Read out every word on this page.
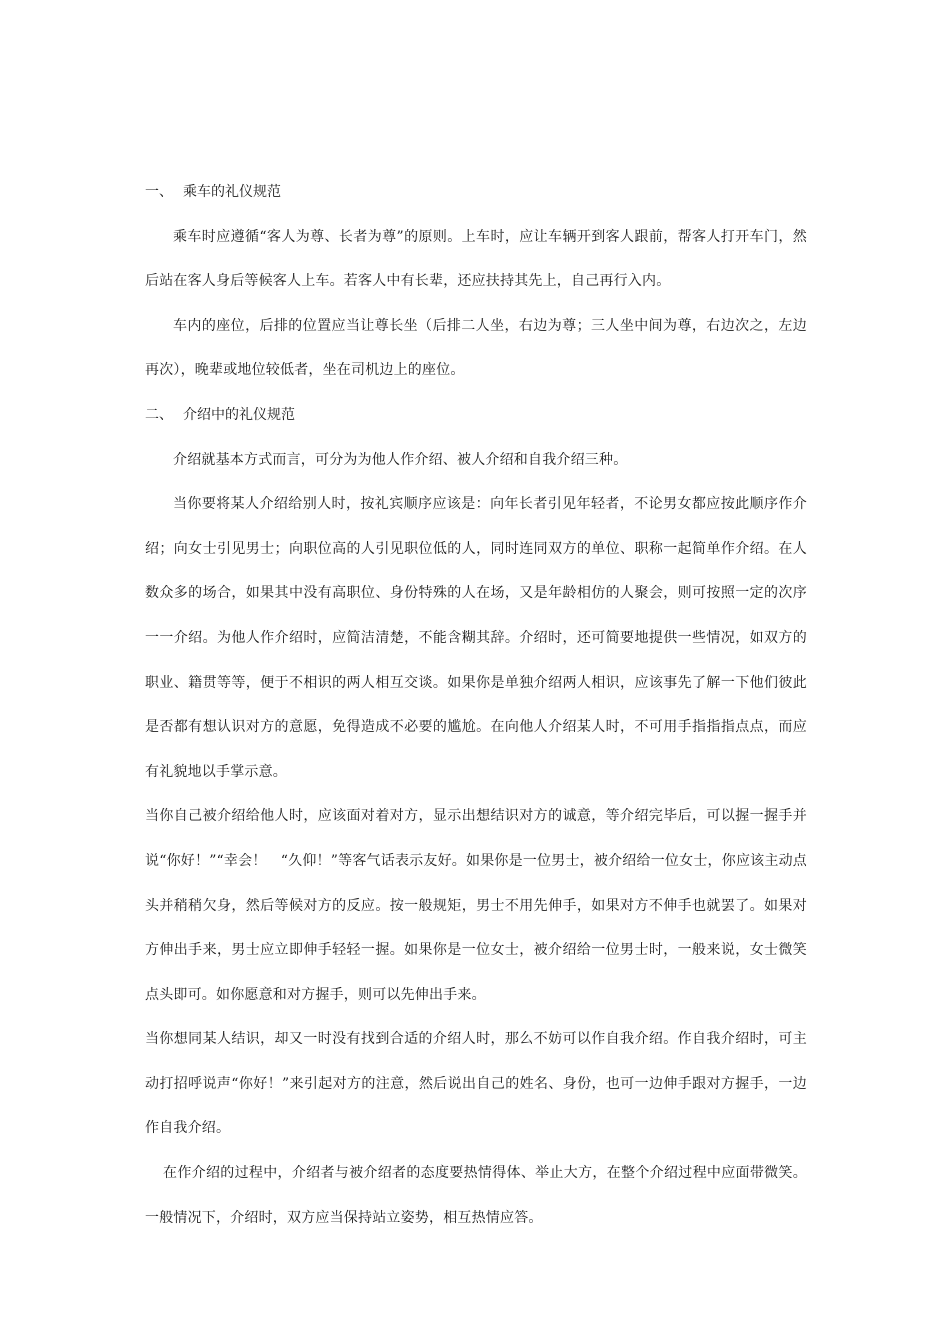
一、 乘车的礼仪规范
乘车时应遵循“客人为尊、长者为尊”的原则。上车时，应让车辆开到客人跟前，帮客人打开车门，然
后站在客人身后等候客人上车。若客人中有长辈，还应扶持其先上，自己再行入内。
车内的座位，后排的位置应当让尊长坐（后排二人坐，右边为尊；三人坐中间为尊，右边次之，左边
再次），晚辈或地位较低者，坐在司机边上的座位。
二、 介绍中的礼仪规范
介绍就基本方式而言，可分为为他人作介绍、被人介绍和自我介绍三种。
当你要将某人介绍给别人时，按礼宾顺序应该是：向年长者引见年轻者，不论男女都应按此顺序作介
绍；向女士引见男士；向职位高的人引见职位低的人，同时连同双方的单位、职称一起简单作介绍。在人
数众多的场合，如果其中没有高职位、身份特殊的人在场，又是年龄相仿的人聚会，则可按照一定的次序
一一介绍。为他人作介绍时，应简洁清楚，不能含糊其辞。介绍时，还可简要地提供一些情况，如双方的
职业、籍贯等等，便于不相识的两人相互交谈。如果你是单独介绍两人相识，应该事先了解一下他们彼此
是否都有想认识对方的意愿，免得造成不必要的尴尬。在向他人介绍某人时，不可用手指指指点点，而应
有礼貌地以手掌示意。
当你自己被介绍给他人时，应该面对着对方，显示出想结识对方的诚意，等介绍完毕后，可以握一握手并
说“你好！”“幸会！　“久仰！”等客气话表示友好。如果你是一位男士，被介绍给一位女士，你应该主动点
头并稍稍欠身，然后等候对方的反应。按一般规矩，男士不用先伸手，如果对方不伸手也就罢了。如果对
方伸出手来，男士应立即伸手轻轻一握。如果你是一位女士，被介绍给一位男士时，一般来说，女士微笑
点头即可。如你愿意和对方握手，则可以先伸出手来。
当你想同某人结识，却又一时没有找到合适的介绍人时，那么不妨可以作自我介绍。作自我介绍时，可主
动打招呼说声“你好！”来引起对方的注意，然后说出自己的姓名、身份，也可一边伸手跟对方握手，一边
作自我介绍。
在作介绍的过程中，介绍者与被介绍者的态度要热情得体、举止大方，在整个介绍过程中应面带微笑。
一般情况下，介绍时，双方应当保持站立姿势，相互热情应答。
